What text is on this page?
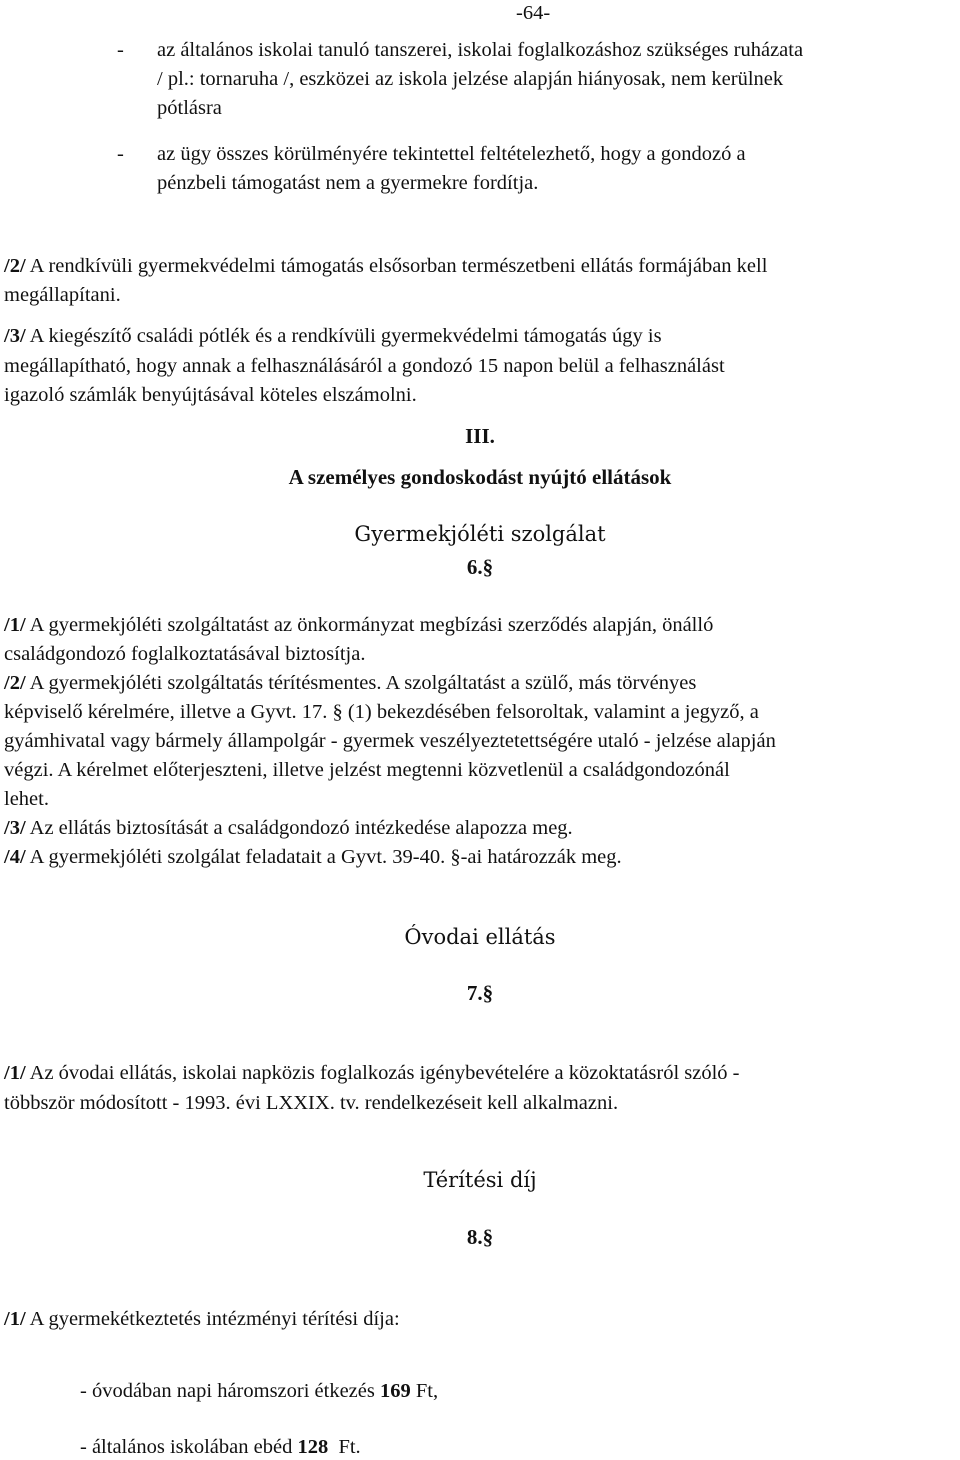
-64-
- az általános iskolai tanuló tanszerei, iskolai foglalkozáshoz szükséges ruházata
/ pl.: tornaruha /, eszközei az iskola jelzése alapján hiányosak, nem kerülnek
pótlásra
- az ügy összes körülményére tekintettel feltételezhető, hogy a gondozó a
pénzbeli támogatást nem a gyermekre fordítja.
/2/ A rendkívüli gyermekvédelmi támogatás elsősorban természetbeni ellátás formájában kell
megállapítani.
/3/ A kiegészítő családi pótlék és a rendkívüli gyermekvédelmi támogatás úgy is
megállapítható, hogy annak a felhasználásáról a gondozó 15 napon belül a felhasználást
igazoló számlák benyújtásával köteles elszámolni.
III.
A személyes gondoskodást nyújtó ellátások
Gyermekjóléti szolgálat
6.§
/1/ A gyermekjóléti szolgáltatást az önkormányzat megbízási szerződés alapján, önálló
családgondozó foglalkoztatásával biztosítja.
/2/ A gyermekjóléti szolgáltatás térítésmentes. A szolgáltatást a szülő, más törvényes
képviselő kérelmére, illetve a Gyvt. 17. § (1) bekezdésében felsoroltak, valamint a jegyző, a
gyámhivatal vagy bármely állampolgár - gyermek veszélyeztetettségére utaló - jelzése alapján
végzi. A kérelmet előterjeszteni, illetve jelzést megtenni közvetlenül a családgondozónál
lehet.
/3/ Az ellátás biztosítását a családgondozó intézkedése alapozza meg.
/4/ A gyermekjóléti szolgálat feladatait a Gyvt. 39-40. §-ai határozzák meg.
Óvodai ellátás
7.§
/1/ Az óvodai ellátás, iskolai napközis foglalkozás igénybevételére a közoktatásról szóló -
többször módosított - 1993. évi LXXIX. tv. rendelkezéseit kell alkalmazni.
Térítési díj
8.§
/1/ A gyermekétkeztetés intézményi térítési díja:
- óvodában napi háromszori étkezés 169 Ft,
- általános iskolában ebéd 128 Ft.
